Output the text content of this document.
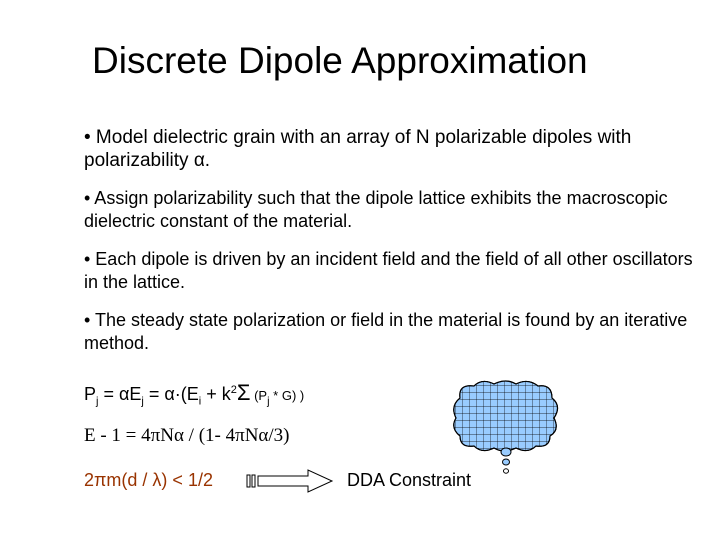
Discrete Dipole Approximation
• Model dielectric grain with an array of N polarizable dipoles with polarizability α.
• Assign polarizability such that the dipole lattice exhibits the macroscopic dielectric constant of the material.
• Each dipole is driven by an incident field and the field of all other oscillators in the lattice.
• The steady state polarization or field in the material is found by an iterative method.
$P_j = \alpha E_j = \alpha\cdot(E_i + k^2\Sigma$ $(P_j * G)$ )
Ε - 1 = 4πNα / (1- 4πNα/3)
2πm(d / λ) < 1/2	DDA Constraint
